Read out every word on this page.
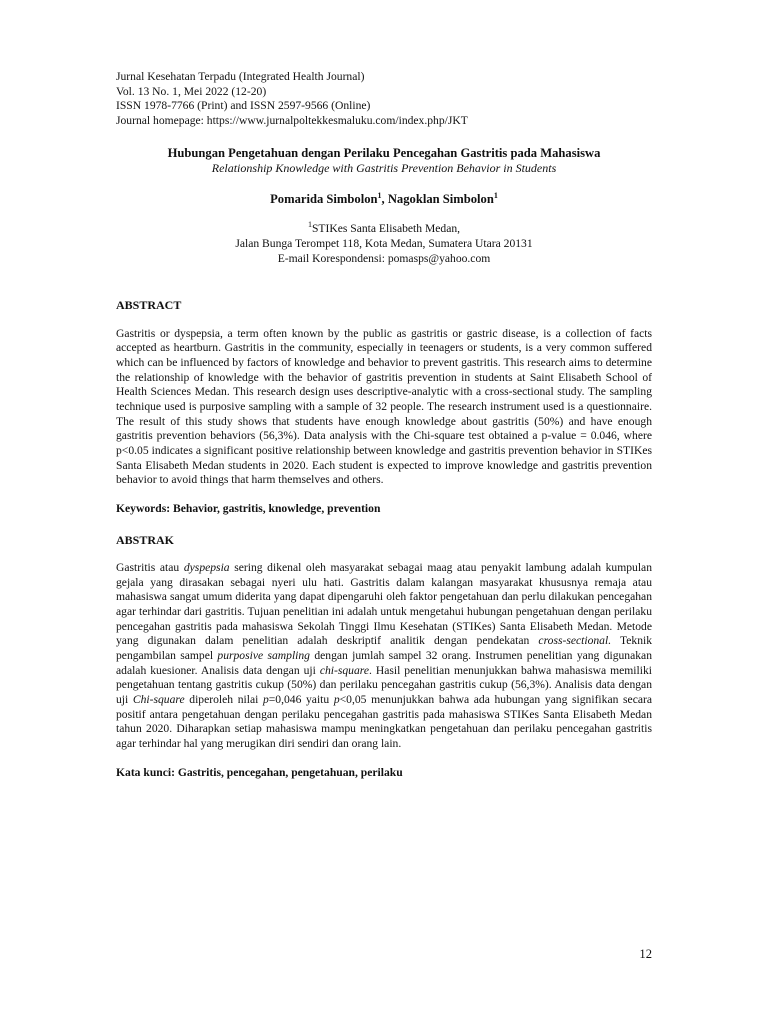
Jurnal Kesehatan Terpadu (Integrated Health Journal)
Vol. 13 No. 1, Mei 2022 (12-20)
ISSN 1978-7766 (Print) and ISSN 2597-9566 (Online)
Journal homepage: https://www.jurnalpoltekkesmaluku.com/index.php/JKT
Hubungan Pengetahuan dengan Perilaku Pencegahan Gastritis pada Mahasiswa
Relationship Knowledge with Gastritis Prevention Behavior in Students
Pomarida Simbolon$^1$, Nagoklan Simbolon$^1$
$^1$STIKes Santa Elisabeth Medan,
Jalan Bunga Terompet 118, Kota Medan, Sumatera Utara 20131
E-mail Korespondensi: pomasps@yahoo.com
ABSTRACT
Gastritis or dyspepsia, a term often known by the public as gastritis or gastric disease, is a collection of facts accepted as heartburn. Gastritis in the community, especially in teenagers or students, is a very common suffered which can be influenced by factors of knowledge and behavior to prevent gastritis. This research aims to determine the relationship of knowledge with the behavior of gastritis prevention in students at Saint Elisabeth School of Health Sciences Medan. This research design uses descriptive-analytic with a cross-sectional study. The sampling technique used is purposive sampling with a sample of 32 people. The research instrument used is a questionnaire. The result of this study shows that students have enough knowledge about gastritis (50%) and have enough gastritis prevention behaviors (56,3%). Data analysis with the Chi-square test obtained a p-value = 0.046, where p<0.05 indicates a significant positive relationship between knowledge and gastritis prevention behavior in STIKes Santa Elisabeth Medan students in 2020. Each student is expected to improve knowledge and gastritis prevention behavior to avoid things that harm themselves and others.
Keywords: Behavior, gastritis, knowledge, prevention
ABSTRAK
Gastritis atau dyspepsia sering dikenal oleh masyarakat sebagai maag atau penyakit lambung adalah kumpulan gejala yang dirasakan sebagai nyeri ulu hati. Gastritis dalam kalangan masyarakat khususnya remaja atau mahasiswa sangat umum diderita yang dapat dipengaruhi oleh faktor pengetahuan dan perlu dilakukan pencegahan agar terhindar dari gastritis. Tujuan penelitian ini adalah untuk mengetahui hubungan pengetahuan dengan perilaku pencegahan gastritis pada mahasiswa Sekolah Tinggi Ilmu Kesehatan (STIKes) Santa Elisabeth Medan. Metode yang digunakan dalam penelitian adalah deskriptif analitik dengan pendekatan cross-sectional. Teknik pengambilan sampel purposive sampling dengan jumlah sampel 32 orang. Instrumen penelitian yang digunakan adalah kuesioner. Analisis data dengan uji chi-square. Hasil penelitian menunjukkan bahwa mahasiswa memiliki pengetahuan tentang gastritis cukup (50%) dan perilaku pencegahan gastritis cukup (56,3%). Analisis data dengan uji Chi-square diperoleh nilai p=0,046 yaitu p<0,05 menunjukkan bahwa ada hubungan yang signifikan secara positif antara pengetahuan dengan perilaku pencegahan gastritis pada mahasiswa STIKes Santa Elisabeth Medan tahun 2020. Diharapkan setiap mahasiswa mampu meningkatkan pengetahuan dan perilaku pencegahan gastritis agar terhindar hal yang merugikan diri sendiri dan orang lain.
Kata kunci: Gastritis, pencegahan, pengetahuan, perilaku
12
